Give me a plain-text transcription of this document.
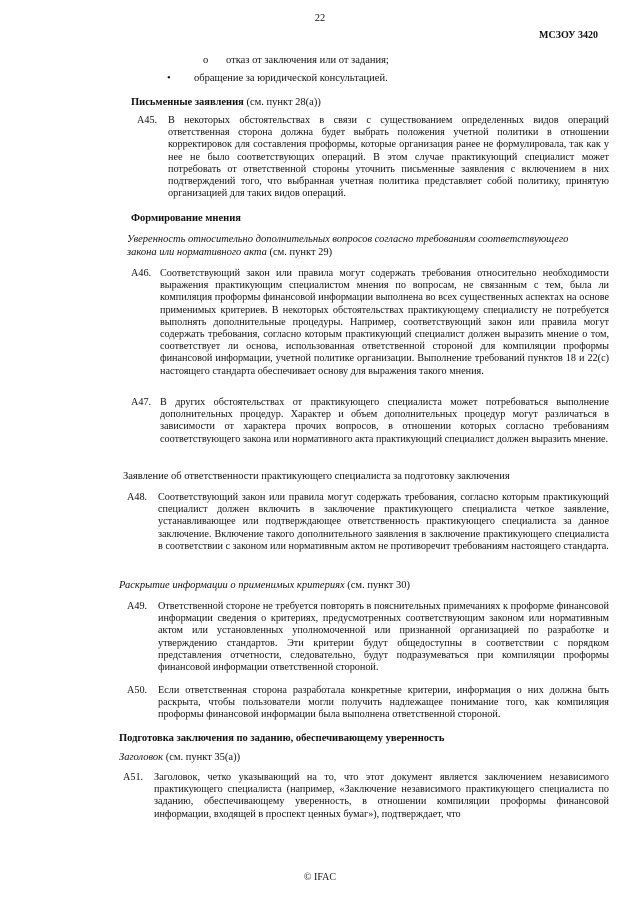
22
МСЗОУ 3420
o отказ от заключения или от задания;
• обращение за юридической консультацией.
Письменные заявления (см. пункт 28(а))
А45. В некоторых обстоятельствах в связи с существованием определенных видов операций ответственная сторона должна будет выбрать положения учетной политики в отношении корректировок для составления проформы, которые организация ранее не формулировала, так как у нее не было соответствующих операций. В этом случае практикующий специалист может потребовать от ответственной стороны уточнить письменные заявления с включением в них подтверждений того, что выбранная учетная политика представляет собой политику, принятую организацией для таких видов операций.
Формирование мнения
Уверенность относительно дополнительных вопросов согласно требованиям соответствующего закона или нормативного акта (см. пункт 29)
А46. Соответствующий закон или правила могут содержать требования относительно необходимости выражения практикующим специалистом мнения по вопросам, не связанным с тем, была ли компиляция проформы финансовой информации выполнена во всех существенных аспектах на основе применимых критериев. В некоторых обстоятельствах практикующему специалисту не потребуется выполнять дополнительные процедуры. Например, соответствующий закон или правила могут содержать требования, согласно которым практикующий специалист должен выразить мнение о том, соответствует ли основа, использованная ответственной стороной для компиляции проформы финансовой информации, учетной политике организации. Выполнение требований пунктов 18 и 22(c) настоящего стандарта обеспечивает основу для выражения такого мнения.
А47. В других обстоятельствах от практикующего специалиста может потребоваться выполнение дополнительных процедур. Характер и объем дополнительных процедур могут различаться в зависимости от характера прочих вопросов, в отношении которых согласно требованиям соответствующего закона или нормативного акта практикующий специалист должен выразить мнение.
Заявление об ответственности практикующего специалиста за подготовку заключения
А48. Соответствующий закон или правила могут содержать требования, согласно которым практикующий специалист должен включить в заключение практикующего специалиста четкое заявление, устанавливающее или подтверждающее ответственность практикующего специалиста за данное заключение. Включение такого дополнительного заявления в заключение практикующего специалиста в соответствии с законом или нормативным актом не противоречит требованиям настоящего стандарта.
Раскрытие информации о применимых критериях (см. пункт 30)
А49. Ответственной стороне не требуется повторять в пояснительных примечаниях к проформе финансовой информации сведения о критериях, предусмотренных соответствующим законом или нормативным актом или установленных уполномоченной или признанной организацией по разработке и утверждению стандартов. Эти критерии будут общедоступны в соответствии с порядком представления отчетности, следовательно, будут подразумеваться при компиляции проформы финансовой информации ответственной стороной.
А50. Если ответственная сторона разработала конкретные критерии, информация о них должна быть раскрыта, чтобы пользователи могли получить надлежащее понимание того, как компиляция проформы финансовой информации была выполнена ответственной стороной.
Подготовка заключения по заданию, обеспечивающему уверенность
Заголовок (см. пункт 35(а))
А51. Заголовок, четко указывающий на то, что этот документ является заключением независимого практикующего специалиста (например, «Заключение независимого практикующего специалиста по заданию, обеспечивающему уверенность, в отношении компиляции проформы финансовой информации, входящей в проспект ценных бумаг»), подтверждает, что
© IFAC
